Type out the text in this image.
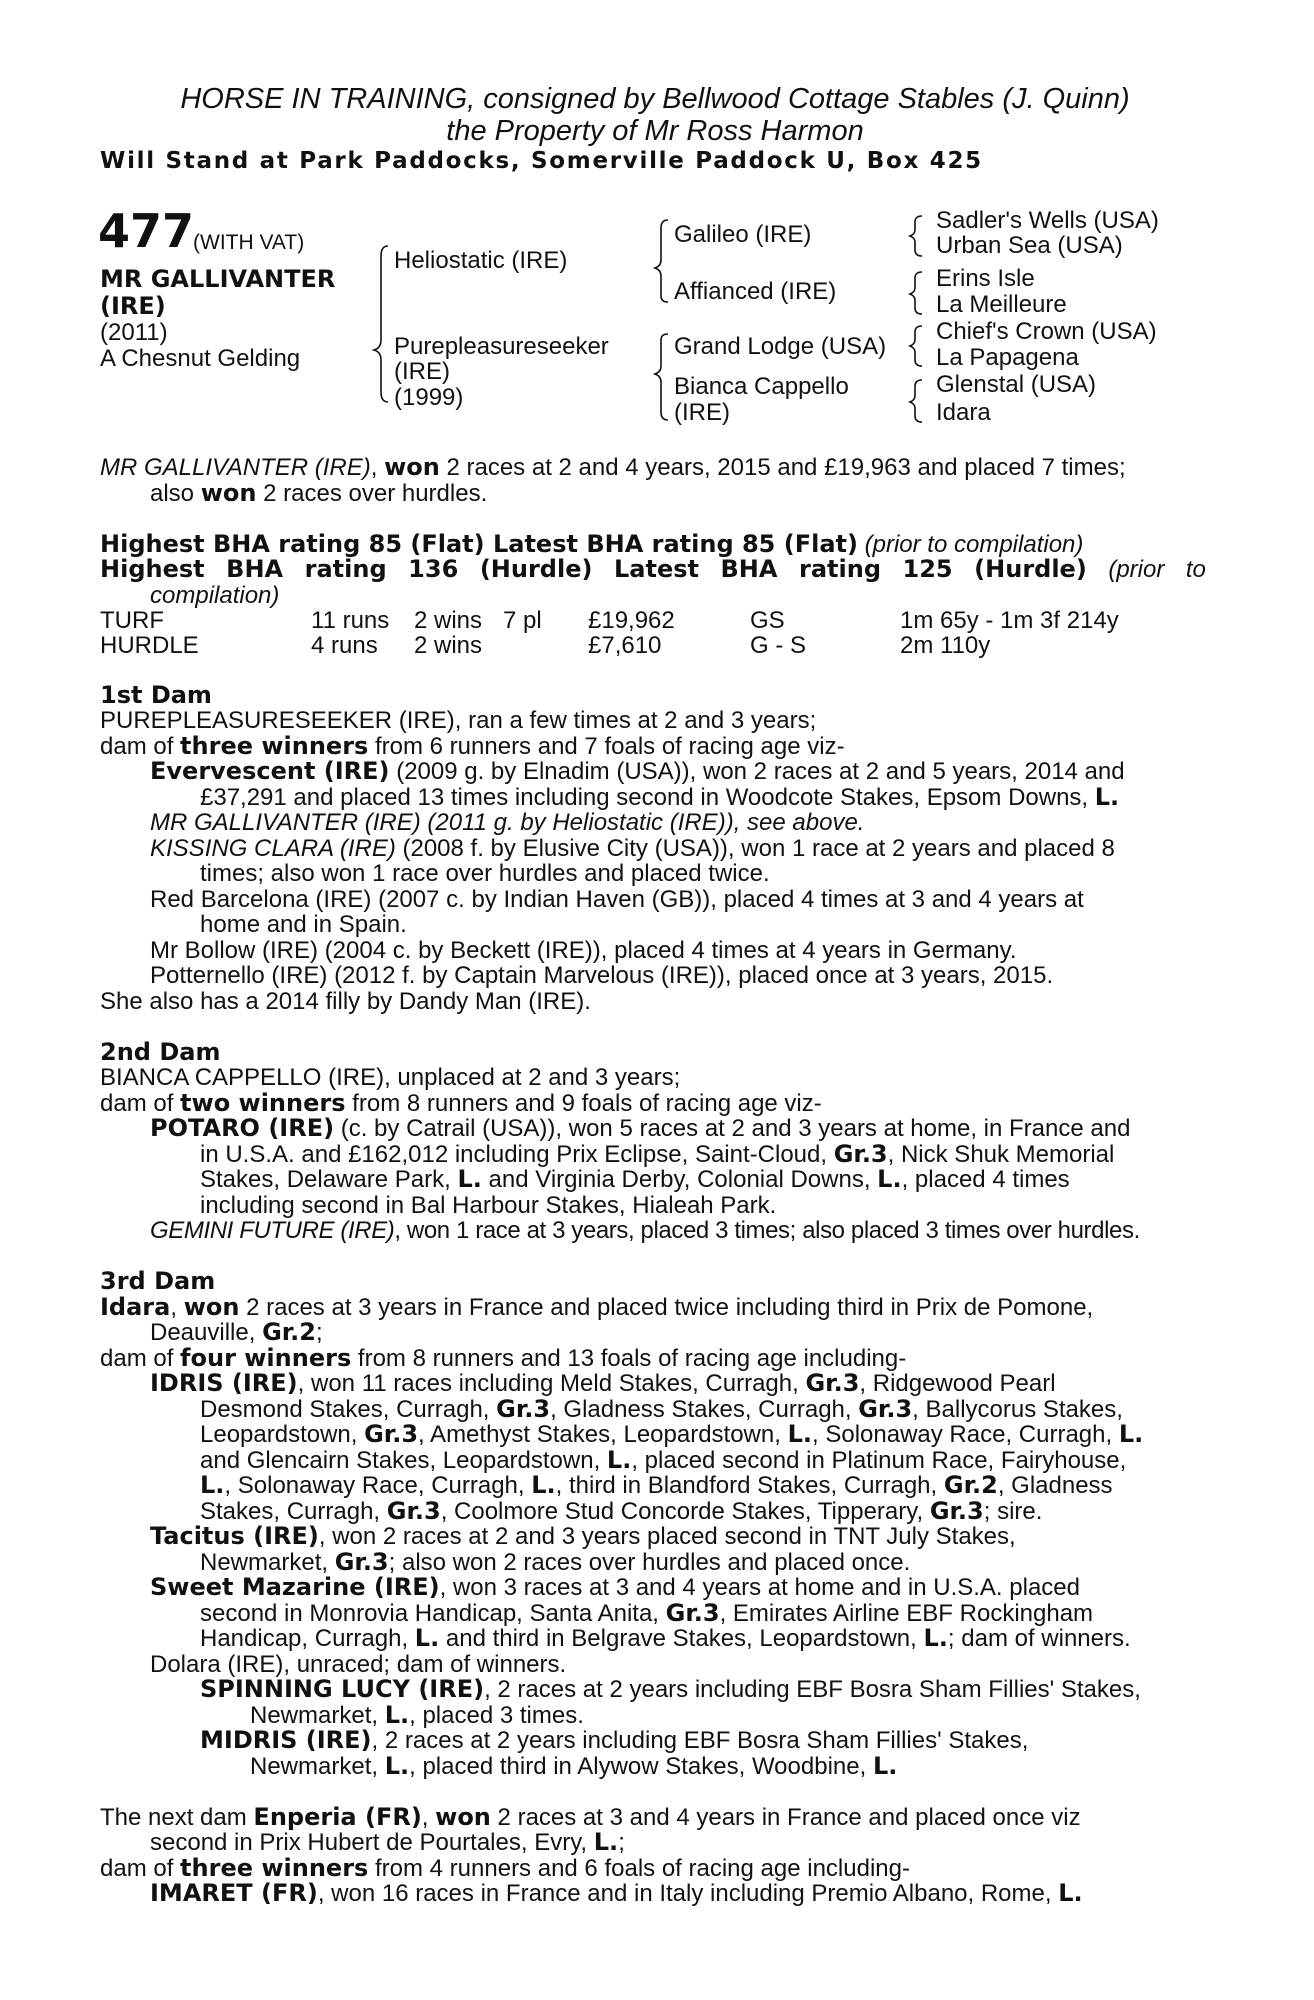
HORSE IN TRAINING, consigned by Bellwood Cottage Stables (J. Quinn)
the Property of Mr Ross Harmon
Will Stand at Park Paddocks, Somerville Paddock U, Box 425
477
(WITH VAT)
MR GALLIVANTER
(IRE)
(2011)
A Chesnut Gelding
Heliostatic (IRE)
Purepleasureseeker
(IRE)
(1999)
Galileo (IRE)
Affianced (IRE)
Grand Lodge (USA)
Bianca Cappello
(IRE)
Sadler's Wells (USA)
Urban Sea (USA)
Erins Isle
La Meilleure
Chief's Crown (USA)
La Papagena
Glenstal (USA)
Idara
MR GALLIVANTER (IRE), won 2 races at 2 and 4 years, 2015 and £19,963 and placed 7 times;
also won 2 races over hurdles.
Highest BHA rating 85 (Flat) Latest BHA rating 85 (Flat) (prior to compilation)
Highest BHA rating 136 (Hurdle) Latest BHA rating 125 (Hurdle) (prior to
compilation)
TURF	11 runs 2 wins 7 pl £19,962	GS	1m 65y - 1m 3f 214y
HURDLE	4 runs 2 wins	£7,610	G - S	2m 110y
1st Dam
PUREPLEASURESEEKER (IRE), ran a few times at 2 and 3 years;
dam of three winners from 6 runners and 7 foals of racing age viz-
Evervescent (IRE) (2009 g. by Elnadim (USA)), won 2 races at 2 and 5 years, 2014 and
£37,291 and placed 13 times including second in Woodcote Stakes, Epsom Downs, L.
MR GALLIVANTER (IRE) (2011 g. by Heliostatic (IRE)), see above.
KISSING CLARA (IRE) (2008 f. by Elusive City (USA)), won 1 race at 2 years and placed 8
times; also won 1 race over hurdles and placed twice.
Red Barcelona (IRE) (2007 c. by Indian Haven (GB)), placed 4 times at 3 and 4 years at
home and in Spain.
Mr Bollow (IRE) (2004 c. by Beckett (IRE)), placed 4 times at 4 years in Germany.
Potternello (IRE) (2012 f. by Captain Marvelous (IRE)), placed once at 3 years, 2015.
She also has a 2014 filly by Dandy Man (IRE).
2nd Dam
BIANCA CAPPELLO (IRE), unplaced at 2 and 3 years;
dam of two winners from 8 runners and 9 foals of racing age viz-
POTARO (IRE) (c. by Catrail (USA)), won 5 races at 2 and 3 years at home, in France and
in U.S.A. and £162,012 including Prix Eclipse, Saint-Cloud, Gr.3, Nick Shuk Memorial
Stakes, Delaware Park, L. and Virginia Derby, Colonial Downs, L., placed 4 times
including second in Bal Harbour Stakes, Hialeah Park.
GEMINI FUTURE (IRE), won 1 race at 3 years, placed 3 times; also placed 3 times over hurdles.
3rd Dam
Idara, won 2 races at 3 years in France and placed twice including third in Prix de Pomone,
Deauville, Gr.2;
dam of four winners from 8 runners and 13 foals of racing age including-
IDRIS (IRE), won 11 races including Meld Stakes, Curragh, Gr.3, Ridgewood Pearl
Desmond Stakes, Curragh, Gr.3, Gladness Stakes, Curragh, Gr.3, Ballycorus Stakes,
Leopardstown, Gr.3, Amethyst Stakes, Leopardstown, L., Solonaway Race, Curragh, L.
and Glencairn Stakes, Leopardstown, L., placed second in Platinum Race, Fairyhouse,
L., Solonaway Race, Curragh, L., third in Blandford Stakes, Curragh, Gr.2, Gladness
Stakes, Curragh, Gr.3, Coolmore Stud Concorde Stakes, Tipperary, Gr.3; sire.
Tacitus (IRE), won 2 races at 2 and 3 years placed second in TNT July Stakes,
Newmarket, Gr.3; also won 2 races over hurdles and placed once.
Sweet Mazarine (IRE), won 3 races at 3 and 4 years at home and in U.S.A. placed
second in Monrovia Handicap, Santa Anita, Gr.3, Emirates Airline EBF Rockingham
Handicap, Curragh, L. and third in Belgrave Stakes, Leopardstown, L.; dam of winners.
Dolara (IRE), unraced; dam of winners.
SPINNING LUCY (IRE), 2 races at 2 years including EBF Bosra Sham Fillies' Stakes,
Newmarket, L., placed 3 times.
MIDRIS (IRE), 2 races at 2 years including EBF Bosra Sham Fillies' Stakes,
Newmarket, L., placed third in Alywow Stakes, Woodbine, L.
The next dam Enperia (FR), won 2 races at 3 and 4 years in France and placed once viz
second in Prix Hubert de Pourtales, Evry, L.;
dam of three winners from 4 runners and 6 foals of racing age including-
IMARET (FR), won 16 races in France and in Italy including Premio Albano, Rome, L.
